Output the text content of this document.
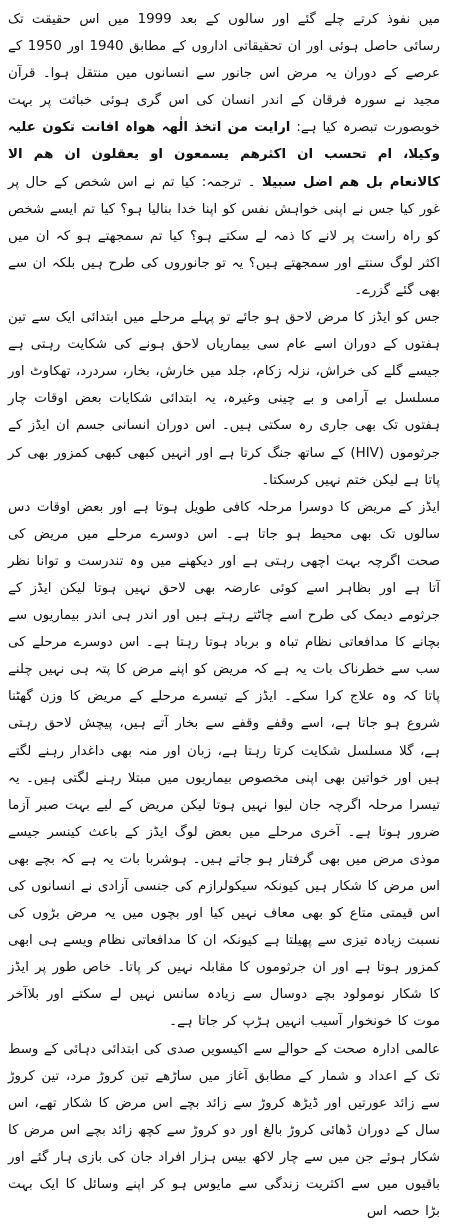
میں نفوذ کرتے چلے گئے اور سالوں کے بعد 1999 میں اس حقیقت تک رسائی حاصل ہوئی اور ان تحقیقاتی اداروں کے مطابق 1940 اور 1950 کے عرصے کے دوران یہ مرض اس جانور سے انسانوں میں منتقل ہوا۔ قرآن مجید نے سورہ فرقان کے اندر انسان کی اس گری ہوئی خباثت پر بہت خوبصورت تبصرہ کیا ہے: ارایت من اتخذ الٰھہ ھواہ افانت تکون علیہ وکیلا، ام تحسب ان اکثرھم یسمعون او یعقلون ان ھم الا کالانعام بل ھم اضل سبیلا ۔ ترجمہ: کیا تم نے اس شخص کے حال پر غور کیا جس نے اپنی خواہش نفس کو اپنا خدا بنالیا ہو؟ کیا تم ایسے شخص کو راہ راست پر لانے کا ذمہ لے سکتے ہو؟ کیا تم سمجھتے ہو کہ ان میں اکثر لوگ سنتے اور سمجھتے ہیں؟ یہ تو جانوروں کی طرح ہیں بلکہ ان سے بھی گئے گزرے۔

جس کو ایڈز کا مرض لاحق ہو جائے تو پہلے مرحلے میں ابتدائی ایک سے تین ہفتوں کے دوران اسے عام سی بیماریاں لاحق ہونے کی شکایت رہتی ہے جیسے گلے کی خراش، نزلہ زکام، جلد میں خارش، بخار، سردرد، تھکاوٹ اور مسلسل بے آرامی و بے چینی وغیرہ، یہ ابتدائی شکایات بعض اوقات چار ہفتوں تک بھی جاری رہ سکتی ہیں۔ اس دوران انسانی جسم ان ایڈز کے جرثوموں (HIV) کے ساتھ جنگ کرتا ہے اور انہیں کبھی کبھی کمزور بھی کر پاتا ہے لیکن ختم نہیں کرسکتا۔

ایڈز کے مریض کا دوسرا مرحلہ کافی طویل ہوتا ہے اور بعض اوقات دس سالوں تک بھی محیط ہو جاتا ہے۔ اس دوسرے مرحلے میں مریض کی صحت اگرچہ بہت اچھی رہتی ہے اور دیکھنے میں وہ تندرست و توانا نظر آتا ہے اور بظاہر اسے کوئی عارضہ بھی لاحق نہیں ہوتا لیکن ایڈز کے جرثومے دیمک کی طرح اسے چاٹتے رہتے ہیں اور اندر ہی اندر بیماریوں سے بچانے کا مدافعاتی نظام تباہ و برباد ہوتا رہتا ہے۔ اس دوسرے مرحلے کی سب سے خطرناک بات یہ ہے کہ مریض کو اپنے مرض کا پتہ ہی نہیں چلنے پاتا کہ وہ علاج کرا سکے۔ ایڈز کے تیسرے مرحلے کے مریض کا وزن گھٹنا شروع ہو جاتا ہے، اسے وقفے وقفے سے بخار آتے ہیں، پیچش لاحق رہتی ہے، گلا مسلسل شکایت کرتا رہتا ہے، زبان اور منہ بھی داغدار رہنے لگتے ہیں اور خواتین بھی اپنی مخصوص بیماریوں میں مبتلا رہنے لگتی ہیں۔ یہ تیسرا مرحلہ اگرچہ جان لیوا نہیں ہوتا لیکن مریض کے لیے بہت صبر آزما ضرور ہوتا ہے۔ آخری مرحلے میں بعض لوگ ایڈز کے باعث کینسر جیسے موذی مرض میں بھی گرفتار ہو جاتے ہیں۔ ہوشربا بات یہ ہے کہ بچے بھی اس مرض کا شکار ہیں کیونکہ سیکولرازم کی جنسی آزادی نے انسانوں کی اس قیمتی متاع کو بھی معاف نہیں کیا اور بچوں میں یہ مرض بڑوں کی نسبت زیادہ تیزی سے پھیلتا ہے کیونکہ ان کا مدافعاتی نظام ویسے ہی ابھی کمزور ہوتا ہے اور ان جرثوموں کا مقابلہ نہیں کر پاتا۔ خاص طور پر ایڈز کا شکار نومولود بچے دوسال سے زیادہ سانس نہیں لے سکتے اور بلاآخر موت کا خونخوار آسیب انہیں ہڑپ کر جاتا ہے۔

عالمی ادارہ صحت کے حوالے سے اکیسویں صدی کی ابتدائی دہائی کے وسط تک کے اعداد و شمار کے مطابق آغاز میں ساڑھے تین کروڑ مرد، تین کروڑ سے زائد عورتیں اور ڈیڑھ کروڑ سے زائد بچے اس مرض کا شکار تھے، اس سال کے دوران ڈھائی کروڑ بالغ اور دو کروڑ سے کچھ زائد بچے اس مرض کا شکار ہوئے جن میں سے چار لاکھ بیس ہزار افراد جان کی بازی ہار گئے اور باقیوں میں سے اکثریت زندگی سے مایوس ہو کر اپنے وسائل کا ایک بہت بڑا حصہ اس
